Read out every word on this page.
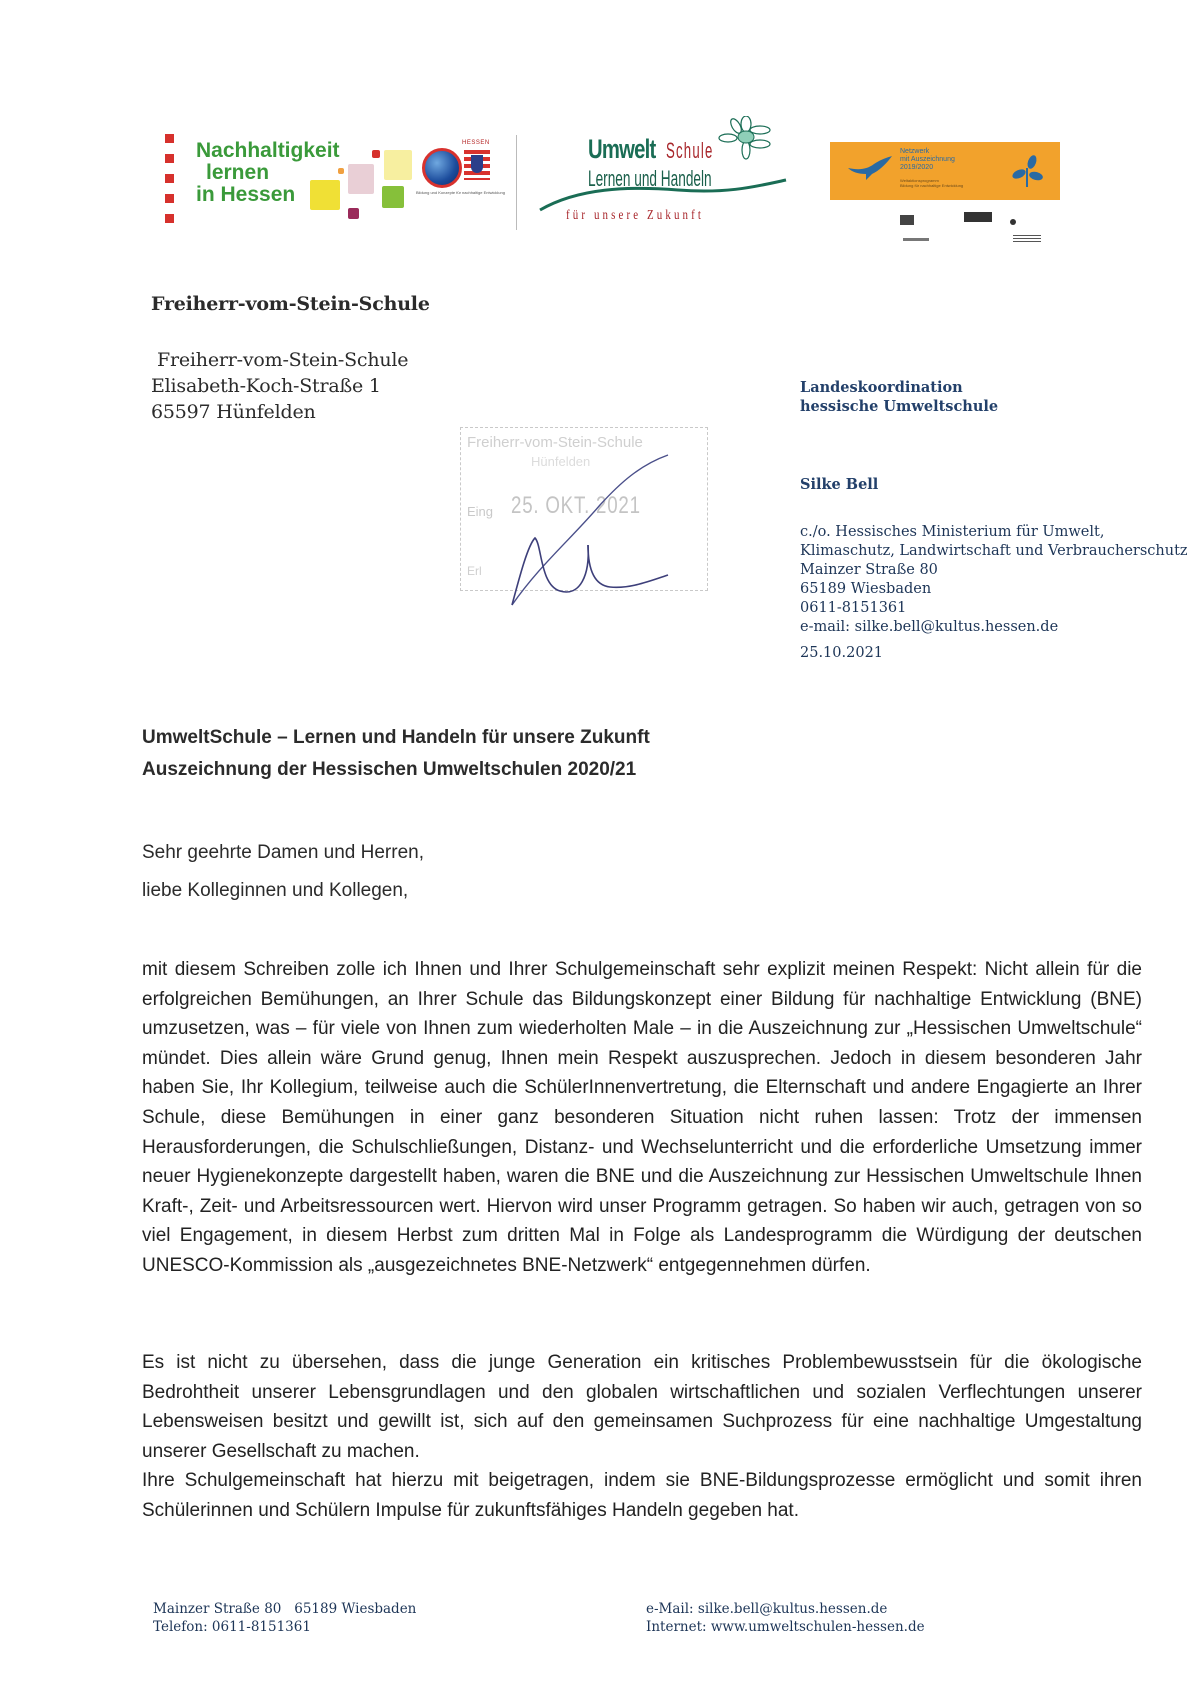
Nachhaltigkeit
lernen
in Hessen
HESSEN
Bildung und Konzepte für nachhaltige Entwicklung
Umwelt Schule
Lernen und Handeln
für unsere Zukunft
Netzwerk
mit Auszeichnung
2019/2020
Weltaktionsprogramm
Bildung für nachhaltige Entwicklung

Freiherr-vom-Stein-Schule
Freiherr-vom-Stein-Schule
Elisabeth-Koch-Straße 1
65597 Hünfelden
Freiherr-vom-Stein-Schule
Hünfelden
Eing 25. OKT. 2021
Erl
Landeskoordination
hessische Umweltschule
Silke Bell
c./o. Hessisches Ministerium für Umwelt,
Klimaschutz, Landwirtschaft und Verbraucherschutz
Mainzer Straße 80
65189 Wiesbaden
0611-8151361
e-mail: silke.bell@kultus.hessen.de
25.10.2021
UmweltSchule – Lernen und Handeln für unsere Zukunft
Auszeichnung der Hessischen Umweltschulen 2020/21
Sehr geehrte Damen und Herren,
liebe Kolleginnen und Kollegen,

mit diesem Schreiben zolle ich Ihnen und Ihrer Schulgemeinschaft sehr explizit meinen Respekt: Nicht allein für die erfolgreichen Bemühungen, an Ihrer Schule das Bildungskonzept einer Bildung für nachhaltige Entwicklung (BNE) umzusetzen, was – für viele von Ihnen zum wiederholten Male – in die Auszeichnung zur „Hessischen Umweltschule“ mündet. Dies allein wäre Grund genug, Ihnen mein Respekt auszusprechen. Jedoch in diesem besonderen Jahr haben Sie, Ihr Kollegium, teilweise auch die SchülerInnenvertretung, die Elternschaft und andere Engagierte an Ihrer Schule, diese Bemühungen in einer ganz besonderen Situation nicht ruhen lassen: Trotz der immensen Herausforderungen, die Schulschließungen, Distanz- und Wechselunterricht und die erforderliche Umsetzung immer neuer Hygienekonzepte dargestellt haben, waren die BNE und die Auszeichnung zur Hessischen Umweltschule Ihnen Kraft-, Zeit- und Arbeitsressourcen wert. Hiervon wird unser Programm getragen. So haben wir auch, getragen von so viel Engagement, in diesem Herbst zum dritten Mal in Folge als Landesprogramm die Würdigung der deutschen UNESCO-Kommission als „ausgezeichnetes BNE-Netzwerk“ entgegennehmen dürfen.

Es ist nicht zu übersehen, dass die junge Generation ein kritisches Problembewusstsein für die ökologische Bedrohtheit unserer Lebensgrundlagen und den globalen wirtschaftlichen und sozialen Verflechtungen unserer Lebensweisen besitzt und gewillt ist, sich auf den gemeinsamen Suchprozess für eine nachhaltige Umgestaltung unserer Gesellschaft zu machen.

Ihre Schulgemeinschaft hat hierzu mit beigetragen, indem sie BNE-Bildungsprozesse ermöglicht und somit ihren Schülerinnen und Schülern Impulse für zukunftsfähiges Handeln gegeben hat.

Mainzer Straße 80   65189 Wiesbaden
Telefon: 0611-8151361
e-Mail: silke.bell@kultus.hessen.de
Internet: www.umweltschulen-hessen.de
